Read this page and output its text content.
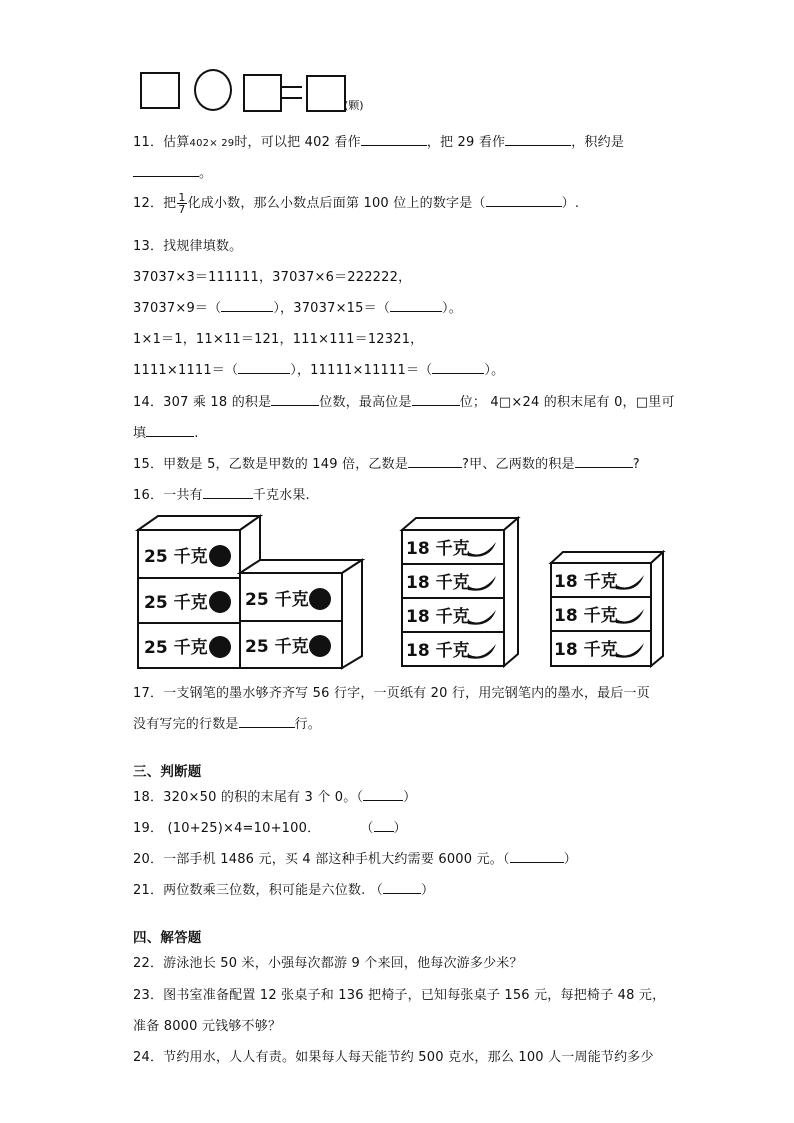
(颗)
11．估算402× 29时，可以把 402 看作	，把 29 看作	，积约是
。
12．把 $\frac{1}{7}$ 化成小数，那么小数点后面第 100 位上的数字是（	）.
13．找规律填数。
37037×3＝111111，37037×6＝222222，
37037×9＝（	），37037×15＝（	）。
1×1＝1，11×11＝121，111×111＝12321，
1111×1111＝（	），11111×11111＝（	）。
14．307 乘 18 的积是	位数，最高位是	位； 4□×24 的积末尾有 0，□里可
填	.
15．甲数是 5，乙数是甲数的 149 倍，乙数是	?甲、乙两数的积是	?
16．一共有	千克水果.
25 千克
25 千克
25 千克
25 千克
25 千克
18 千克
18 千克
18 千克
18 千克
18 千克
18 千克
18 千克
17．一支钢笔的墨水够齐齐写 56 行字，一页纸有 20 行，用完钢笔内的墨水，最后一页
没有写完的行数是	行。
三、判断题
18．320×50 的积的末尾有 3 个 0。（	）
19． (10+25)×4=10+100．	（ ）
20．一部手机 1486 元，买 4 部这种手机大约需要 6000 元。（	）
21．两位数乘三位数，积可能是六位数. （	）
四、解答题
22．游泳池长 50 米，小强每次都游 9 个来回，他每次游多少米？
23．图书室准备配置 12 张桌子和 136 把椅子，已知每张桌子 156 元，每把椅子 48 元，
准备 8000 元钱够不够？
24．节约用水，人人有责。如果每人每天能节约 500 克水，那么 100 人一周能节约多少
